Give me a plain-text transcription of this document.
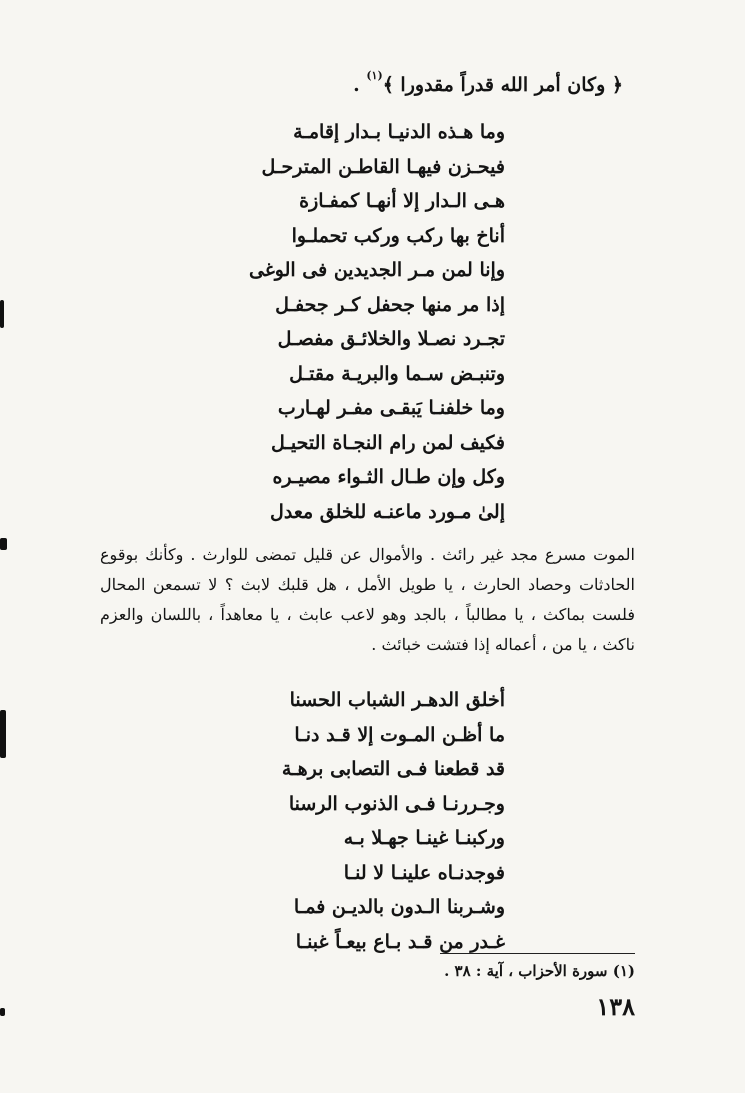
﴿ وكان أمر الله قدراً مقدورا ﴾$^{(١)}$ .
وما هـذه الدنيـا بـدار إقامـة
فيحـزن فيهـا القاطـن المترحـل
هـى الـدار إلا أنهـا كمفـازة
أناخ بها ركب وركب تحملـوا
وإنا لمن مـر الجديدين فى الوغى
إذا مر منها جحفل كـر جحفـل
تجـرد نصـلا والخلائـق مفصـل
وتنبـض سـما والبريـة مقتـل
وما خلفنـا يَبقـى مفـر لهـارب
فكيف لمن رام النجـاة التحيـل
وكل وإن طـال الثـواء مصيـره
إلىٰ مـورد ماعنـه للخلق معدل

الموت مسرع مجد غير رائث . والأموال عن قليل تمضى للوارث . وكأنك بوقوع الحادثات وحصاد الحارث ، يا طويل الأمل ، هل قلبك لابث ؟ لا تسمعن المحال فلست بماكث ، يا مطالباً ، بالجد وهو لاعب عابث ، يا معاهداً ، باللسان والعزم ناكث ، يا من ، أعماله إذا فتشت خبائث .

أخلق الدهـر الشباب الحسنا
ما أظـن المـوت إلا قـد دنـا
قد قطعنا فـى التصابى برهـة
وجـررنـا فـى الذنوب الرسنا
وركبنـا غينـا جهـلا بـه
فوجدنـاه علينـا لا لنـا
وشـربنا الـدون بالديـن فمـا
غـدر من قـد بـاع بيعـاً غبنـا
(١) سورة الأحزاب ، آية : ٣٨ .
١٣٨
